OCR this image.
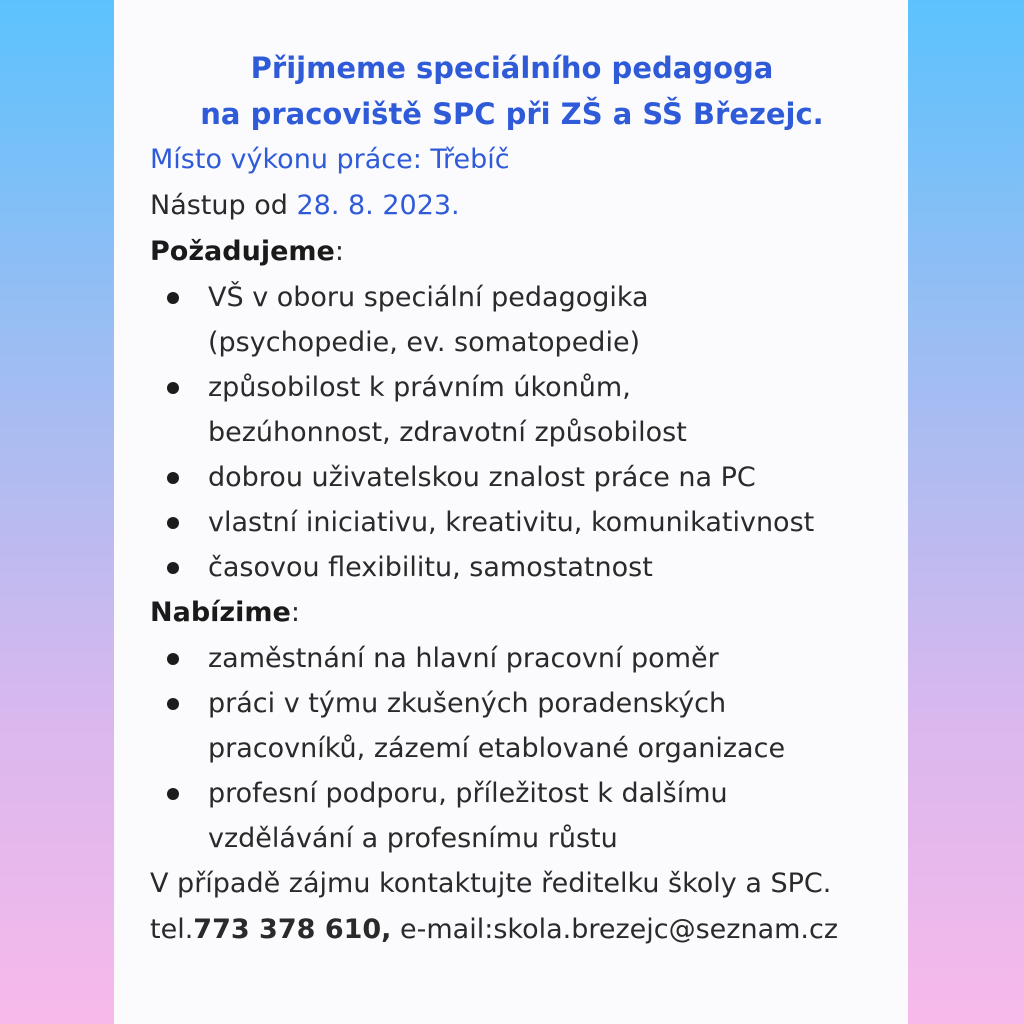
Přijmeme speciálního pedagoga
na pracoviště SPC při ZŠ a SŠ Březejc.
Místo výkonu práce: Třebíč
Nástup od 28. 8. 2023.
Požadujeme:
VŠ v oboru speciální pedagogika
(psychopedie, ev. somatopedie)
způsobilost k právním úkonům,
bezúhonnost, zdravotní způsobilost
dobrou uživatelskou znalost práce na PC
vlastní iniciativu, kreativitu, komunikativnost
časovou flexibilitu, samostatnost
Nabízime:
zaměstnání na hlavní pracovní poměr
práci v týmu zkušených poradenských
pracovníků, zázemí etablované organizace
profesní podporu, příležitost k dalšímu
vzdělávání a profesnímu růstu
V případě zájmu kontaktujte ředitelku školy a SPC.
tel.773 378 610, e-mail:skola.brezejc@seznam.cz
